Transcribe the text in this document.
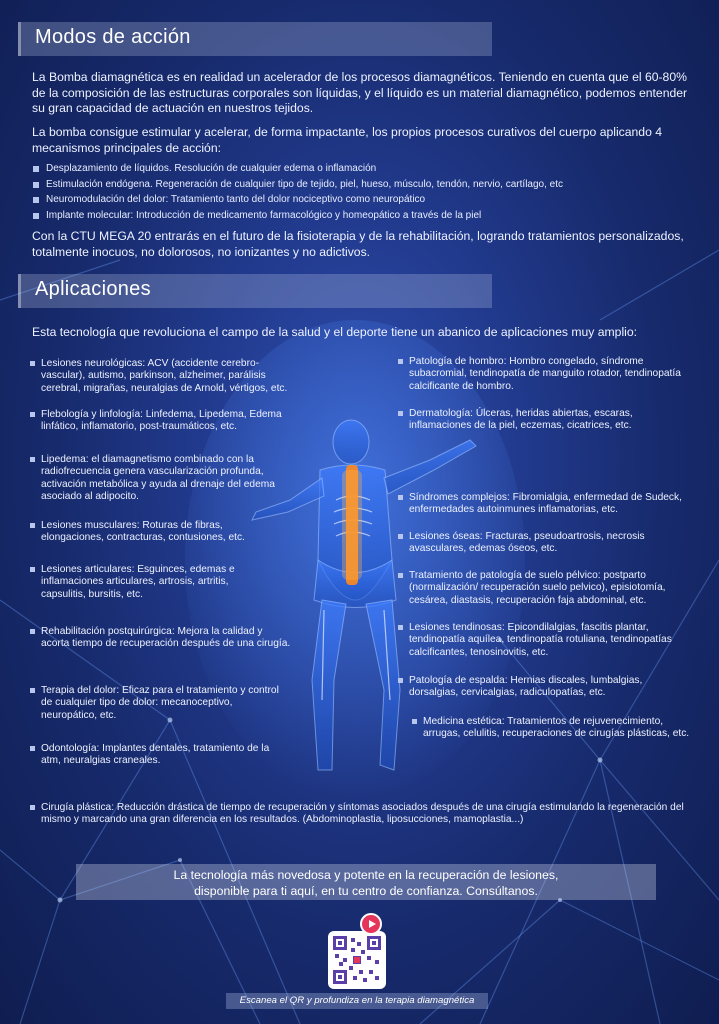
Modos de acción

La Bomba diamagnética es en realidad un acelerador de los procesos diamagnéticos. Teniendo en cuenta que el 60-80% de la composición de las estructuras corporales son líquidas, y el líquido es un material diamagnético, podemos entender su gran capacidad de actuación en nuestros tejidos.

La bomba consigue estimular y acelerar, de forma impactante, los propios procesos curativos del cuerpo aplicando 4 mecanismos principales de acción:

Desplazamiento de líquidos. Resolución de cualquier edema o inflamación
Estimulación endógena. Regeneración de cualquier tipo de tejido, piel, hueso, músculo, tendón, nervio, cartílago, etc
Neuromodulación del dolor: Tratamiento tanto del dolor nociceptivo como neuropático
Implante molecular: Introducción de medicamento farmacológico y homeopático a través de la piel

Con la CTU MEGA 20 entrarás en el futuro de la fisioterapia y de la rehabilitación, logrando tratamientos personalizados, totalmente inocuos, no dolorosos, no ionizantes y no adictivos.

Aplicaciones

Esta tecnología que revoluciona el campo de la salud y el deporte tiene un abanico de aplicaciones muy amplio:

Lesiones neurológicas: ACV (accidente cerebro-vascular), autismo, parkinson, alzheimer, parálisis cerebral, migrañas, neuralgias de Arnold, vértigos, etc.
Flebología y linfología: Linfedema, Lipedema, Edema linfático, inflamatorio, post-traumáticos, etc.
Lipedema: el diamagnetismo combinado con la radiofrecuencia genera vascularización profunda, activación metabólica y ayuda al drenaje del edema asociado al adipocito.
Lesiones musculares: Roturas de fibras, elongaciones, contracturas, contusiones, etc.
Lesiones articulares: Esguinces, edemas e inflamaciones articulares, artrosis, artritis, capsulitis, bursitis, etc.
Rehabilitación postquirúrgica: Mejora la calidad y acorta tiempo de recuperación después de una cirugía.
Terapia del dolor: Eficaz para el tratamiento y control de cualquier tipo de dolor: mecanoceptivo, neuropático, etc.
Odontología: Implantes dentales, tratamiento de la atm, neuralgias craneales.
Patología de hombro: Hombro congelado, síndrome subacromial, tendinopatía de manguito rotador, tendinopatía calcificante de hombro.
Dermatología: Úlceras, heridas abiertas, escaras, inflamaciones de la piel, eczemas, cicatrices, etc.
Síndromes complejos: Fibromialgia, enfermedad de Sudeck, enfermedades autoinmunes inflamatorias, etc.
Lesiones óseas: Fracturas, pseudoartrosis, necrosis avasculares, edemas óseos, etc.
Tratamiento de patología de suelo pélvico: postparto (normalización/ recuperación suelo pelvico), episiotomía, cesárea, diastasis, recuperación faja abdominal, etc.
Lesiones tendinosas: Epicondilalgias, fascitis plantar, tendinopatía aquílea, tendinopatía rotuliana, tendinopatías calcificantes, tenosinovitis, etc.
Patología de espalda: Hernias discales, lumbalgias, dorsalgias, cervicalgias, radiculopatías, etc.
Medicina estética: Tratamientos de rejuvenecimiento, arrugas, celulitis, recuperaciones de cirugías plásticas, etc.
Cirugía plástica: Reducción drástica de tiempo de recuperación y síntomas asociados después de una cirugía estimulando la regeneración del mismo y marcando una gran diferencia en los resultados. (Abdominoplastia, liposucciones, mamoplastia...)
La tecnología más novedosa y potente en la recuperación de lesiones,
disponible para ti aquí, en tu centro de confianza. Consúltanos.
Escanea el QR y profundiza en la terapia diamagnética
